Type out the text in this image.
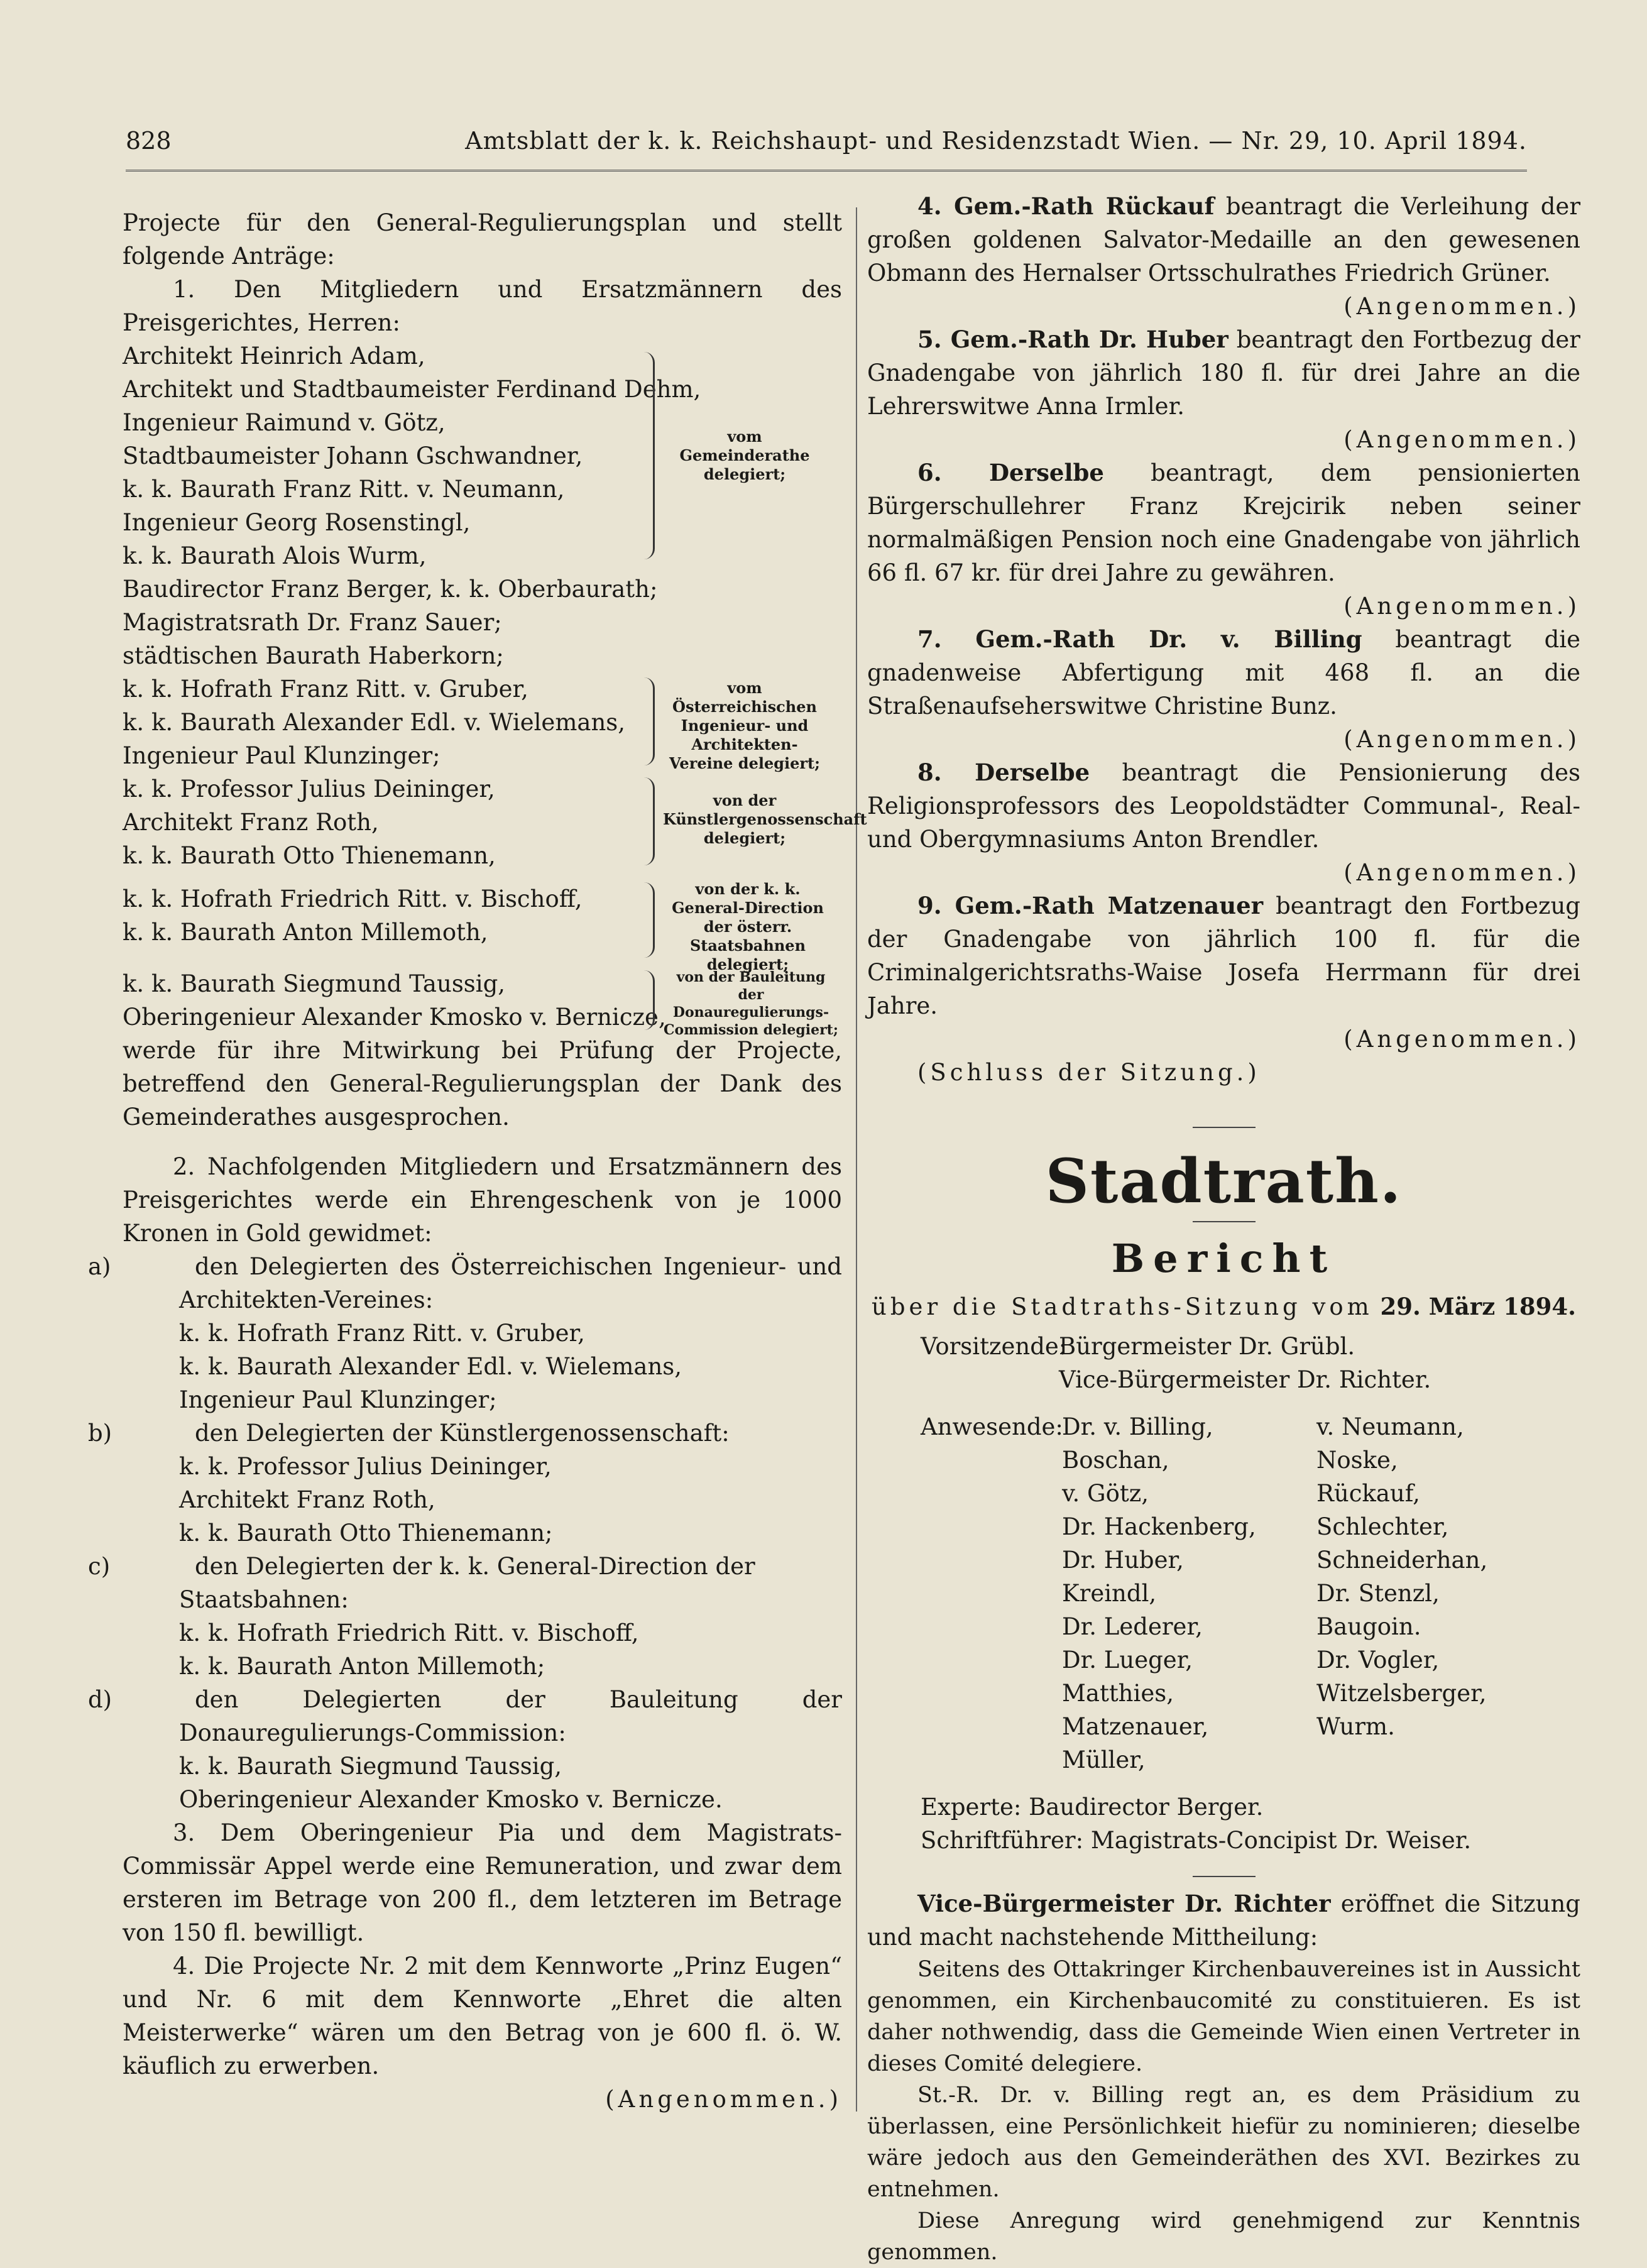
828	Amtsblatt der k. k. Reichshaupt- und Residenzstadt Wien. — Nr. 29, 10. April 1894.

Projecte für den General-Regulierungsplan und stellt folgende Anträge:

1. Den Mitgliedern und Ersatzmännern des Preisgerichtes, Herren:

Architekt Heinrich Adam,
Architekt und Stadtbaumeister Ferdinand Dehm,
Ingenieur Raimund v. Götz,
Stadtbaumeister Johann Gschwandner,
k. k. Baurath Franz Ritt. v. Neumann,
Ingenieur Georg Rosenstingl,
k. k. Baurath Alois Wurm,
vom Gemeinderathe delegiert;
Baudirector Franz Berger, k. k. Oberbaurath;
Magistratsrath Dr. Franz Sauer;
städtischen Baurath Haberkorn;
k. k. Hofrath Franz Ritt. v. Gruber,
k. k. Baurath Alexander Edl. v. Wielemans,
Ingenieur Paul Klunzinger;
vom Österreichischen Ingenieur- und Architekten-Vereine delegiert;
k. k. Professor Julius Deininger,
Architekt Franz Roth,
k. k. Baurath Otto Thienemann,
von der Künstlergenossenschaft delegiert;
k. k. Hofrath Friedrich Ritt. v. Bischoff,
k. k. Baurath Anton Millemoth,
von der k. k. General-Direction der österr. Staatsbahnen delegiert;
k. k. Baurath Siegmund Taussig,
Oberingenieur Alexander Kmosko v. Bernicze,
von der Bauleitung der Donauregulierungs-Commission delegiert;

werde für ihre Mitwirkung bei Prüfung der Projecte, betreffend den General-Regulierungsplan der Dank des Gemeinderathes ausgesprochen.

2. Nachfolgenden Mitgliedern und Ersatzmännern des Preisgerichtes werde ein Ehrengeschenk von je 1000 Kronen in Gold gewidmet:

a)	den Delegierten des Österreichischen Ingenieur- und Architekten-Vereines:
k. k. Hofrath Franz Ritt. v. Gruber,
k. k. Baurath Alexander Edl. v. Wielemans,
Ingenieur Paul Klunzinger;
b)	den Delegierten der Künstlergenossenschaft:
k. k. Professor Julius Deininger,
Architekt Franz Roth,
k. k. Baurath Otto Thienemann;
c)	den Delegierten der k. k. General-Direction der Staatsbahnen:
k. k. Hofrath Friedrich Ritt. v. Bischoff,
k. k. Baurath Anton Millemoth;
d)	den Delegierten der Bauleitung der Donauregulierungs-Commission:
k. k. Baurath Siegmund Taussig,
Oberingenieur Alexander Kmosko v. Bernicze.

3. Dem Oberingenieur Pia und dem Magistrats-Commissär Appel werde eine Remuneration, und zwar dem ersteren im Betrage von 200 fl., dem letzteren im Betrage von 150 fl. bewilligt.

4. Die Projecte Nr. 2 mit dem Kennworte „Prinz Eugen“ und Nr. 6 mit dem Kennworte „Ehret die alten Meisterwerke“ wären um den Betrag von je 600 fl. ö. W. käuflich zu erwerben.

(Angenommen.)

4. Gem.-Rath Rückauf beantragt die Verleihung der großen goldenen Salvator-Medaille an den gewesenen Obmann des Hernalser Ortsschulrathes Friedrich Grüner.

(Angenommen.)

5. Gem.-Rath Dr. Huber beantragt den Fortbezug der Gnadengabe von jährlich 180 fl. für drei Jahre an die Lehrerswitwe Anna Irmler.

(Angenommen.)

6. Derselbe beantragt, dem pensionierten Bürgerschullehrer Franz Krejcirik neben seiner normalmäßigen Pension noch eine Gnadengabe von jährlich 66 fl. 67 kr. für drei Jahre zu gewähren.

(Angenommen.)

7. Gem.-Rath Dr. v. Billing beantragt die gnadenweise Abfertigung mit 468 fl. an die Straßenaufseherswitwe Christine Bunz.

(Angenommen.)

8. Derselbe beantragt die Pensionierung des Religionsprofessors des Leopoldstädter Communal-, Real- und Obergymnasiums Anton Brendler.

(Angenommen.)

9. Gem.-Rath Matzenauer beantragt den Fortbezug der Gnadengabe von jährlich 100 fl. für die Criminalgerichtsraths-Waise Josefa Herrmann für drei Jahre.

(Angenommen.)

(Schluss der Sitzung.)

Stadtrath.
Bericht
über die Stadtraths-Sitzung vom 29. März 1894.
Vorsitzende:
Bürgermeister Dr. Grübl.
Vice-Bürgermeister Dr. Richter.
Anwesende:
Dr. v. Billing,	v. Neumann,
Boschan,	Noske,
v. Götz,	Rückauf,
Dr. Hackenberg,	Schlechter,
Dr. Huber,	Schneiderhan,
Kreindl,	Dr. Stenzl,
Dr. Lederer,	Baugoin.
Dr. Lueger,	Dr. Vogler,
Matthies,	Witzelsberger,
Matzenauer,	Wurm.
Müller,
Experte: Baudirector Berger.
Schriftführer: Magistrats-Concipist Dr. Weiser.

Vice-Bürgermeister Dr. Richter eröffnet die Sitzung und macht nachstehende Mittheilung:

Seitens des Ottakringer Kirchenbauvereines ist in Aussicht genommen, ein Kirchenbaucomité zu constituieren. Es ist daher nothwendig, dass die Gemeinde Wien einen Vertreter in dieses Comité delegiere.

St.-R. Dr. v. Billing regt an, es dem Präsidium zu überlassen, eine Persönlichkeit hiefür zu nominieren; dieselbe wäre jedoch aus den Gemeinderäthen des XVI. Bezirkes zu entnehmen.

Diese Anregung wird genehmigend zur Kenntnis genommen.
